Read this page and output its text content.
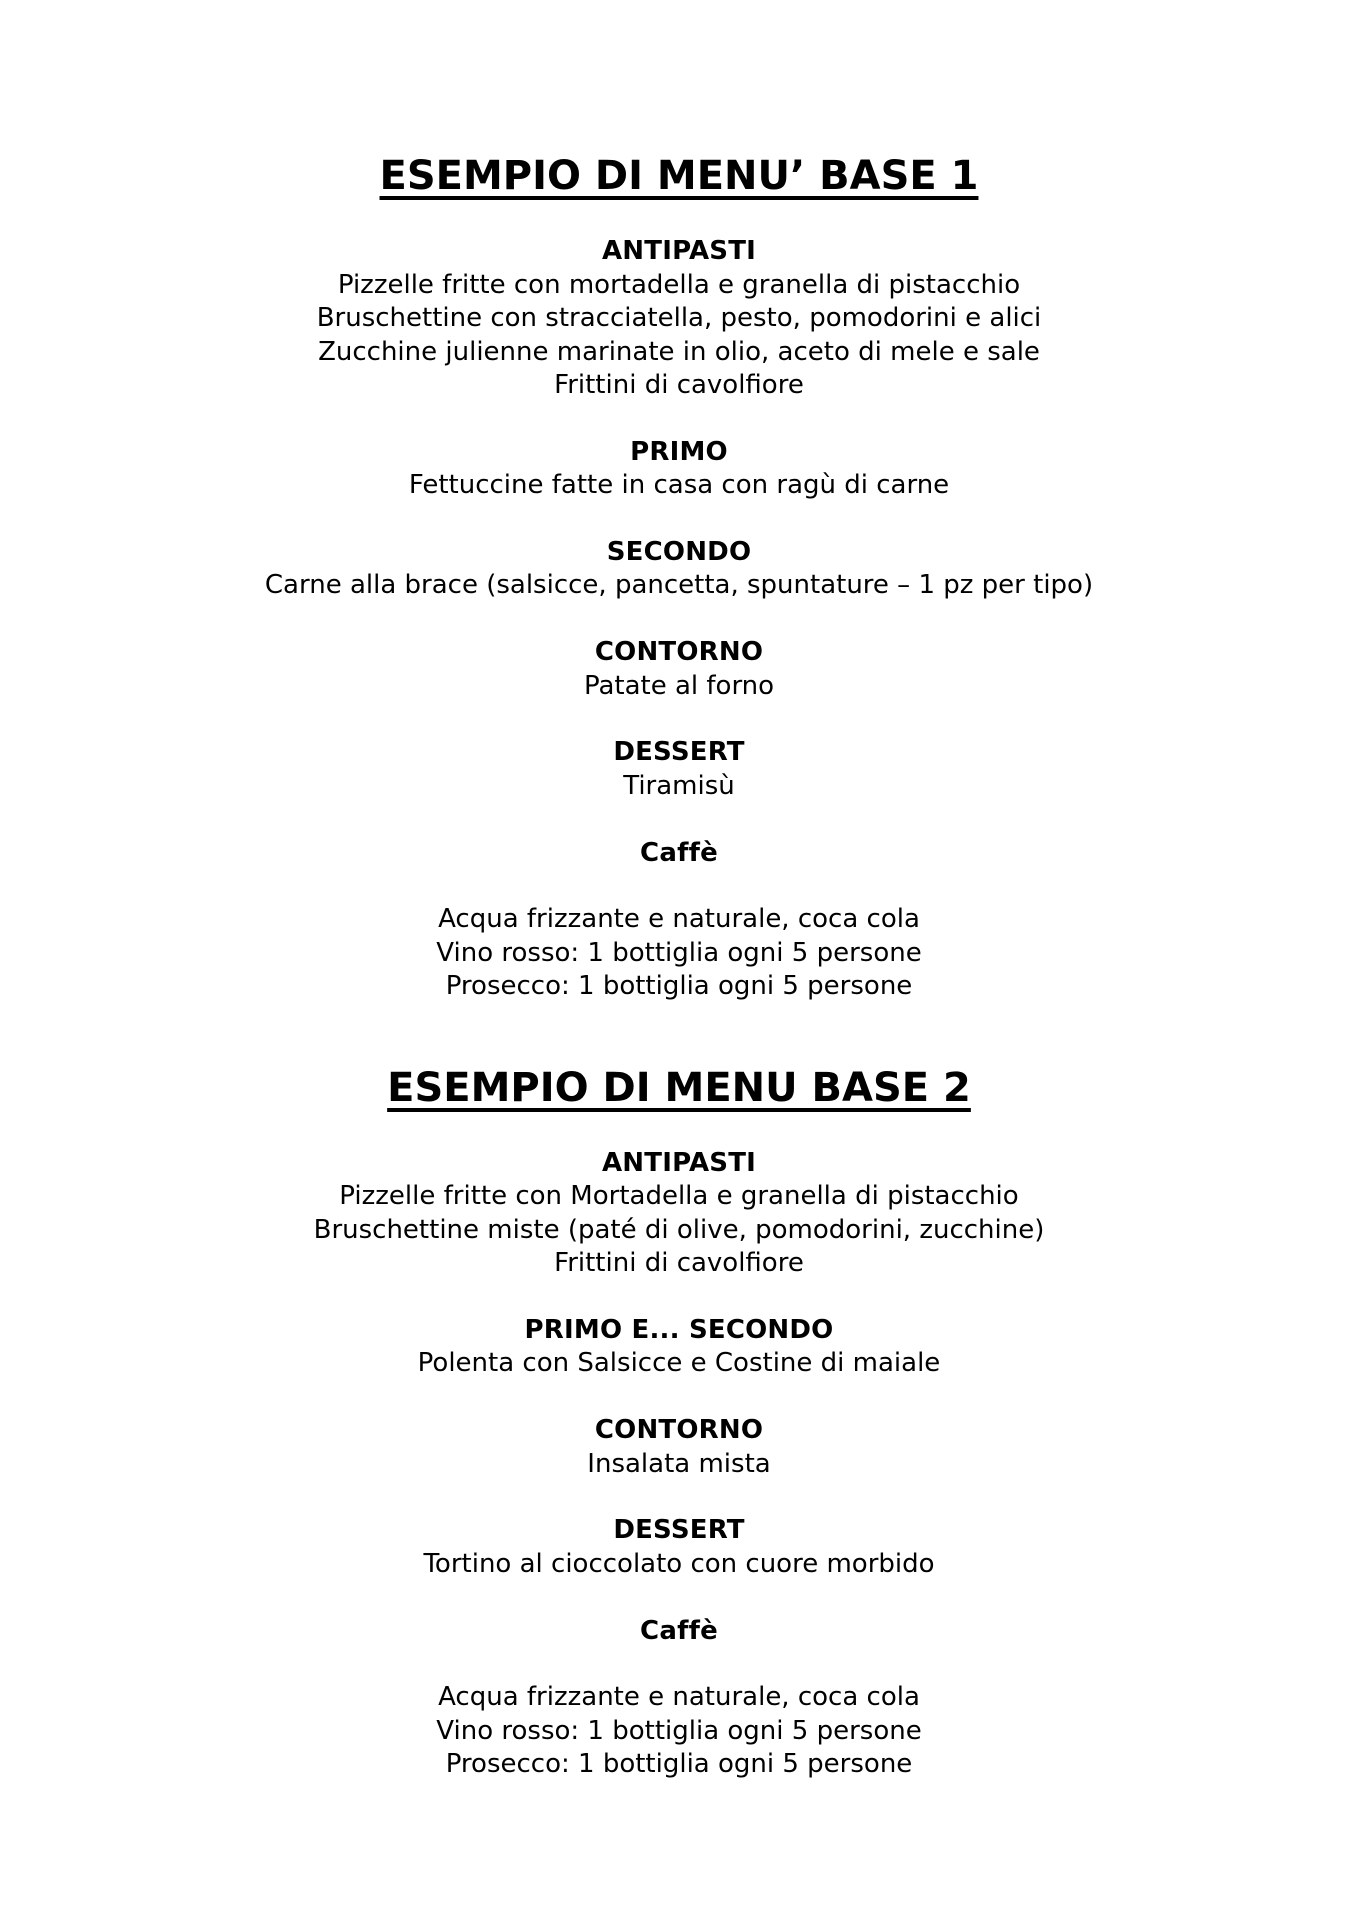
ESEMPIO DI MENU’ BASE 1

ANTIPASTI

Pizzelle fritte con mortadella e granella di pistacchio

Bruschettine con stracciatella, pesto, pomodorini e alici

Zucchine julienne marinate in olio, aceto di mele e sale

Frittini di cavolfiore

PRIMO

Fettuccine fatte in casa con ragù di carne

SECONDO

Carne alla brace (salsicce, pancetta, spuntature – 1 pz per tipo)

CONTORNO

Patate al forno

DESSERT

Tiramisù

Caffè

Acqua frizzante e naturale, coca cola

Vino rosso: 1 bottiglia ogni 5 persone

Prosecco: 1 bottiglia ogni 5 persone

ESEMPIO DI MENU BASE 2

ANTIPASTI

Pizzelle fritte con Mortadella e granella di pistacchio

Bruschettine miste (paté di olive, pomodorini, zucchine)

Frittini di cavolfiore

PRIMO E... SECONDO

Polenta con Salsicce e Costine di maiale

CONTORNO

Insalata mista

DESSERT

Tortino al cioccolato con cuore morbido

Caffè

Acqua frizzante e naturale, coca cola

Vino rosso: 1 bottiglia ogni 5 persone

Prosecco: 1 bottiglia ogni 5 persone
